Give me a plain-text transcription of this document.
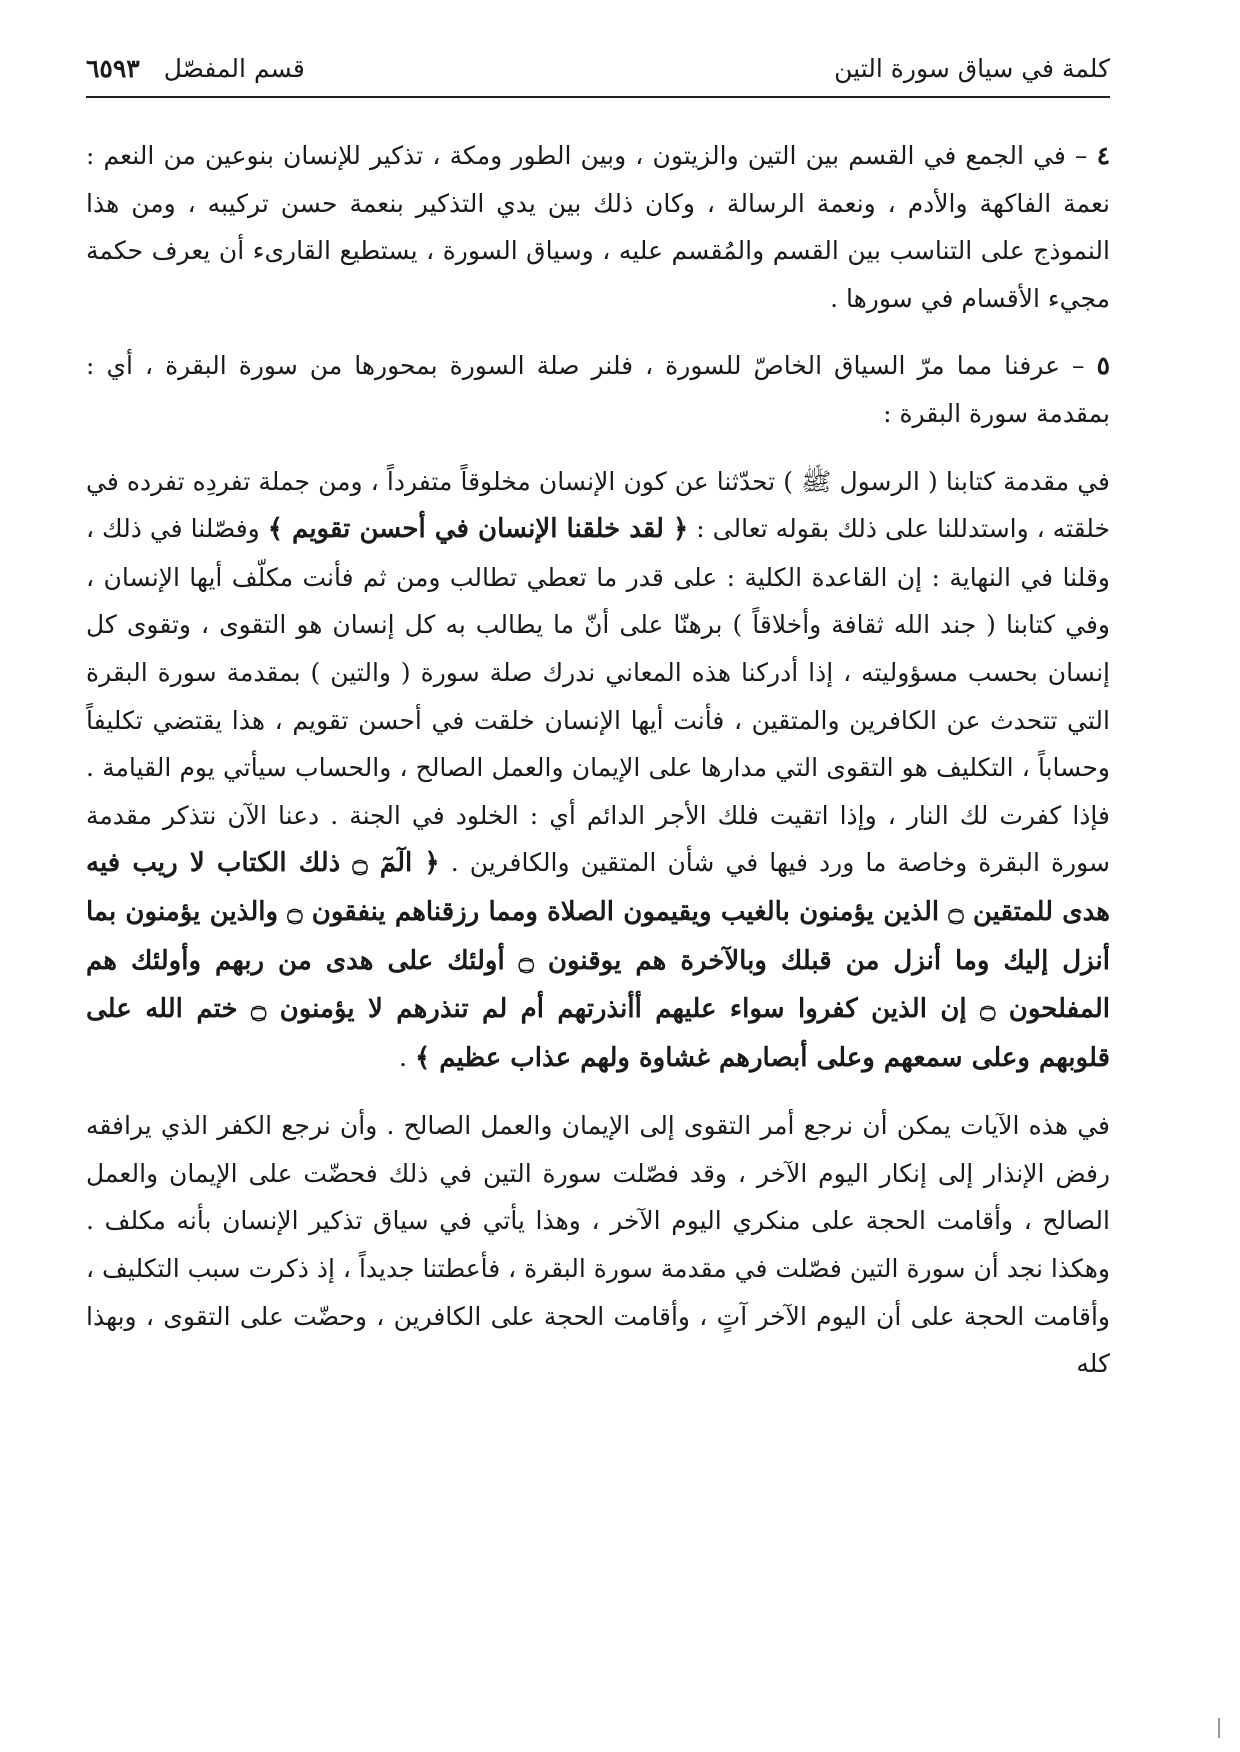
كلمة في سياق سورة التين
قسم المفصّل
٦٥٩٣

٤ – في الجمع في القسم بين التين والزيتون ، وبين الطور ومكة ، تذكير للإنسان بنوعين من النعم : نعمة الفاكهة والأدم ، ونعمة الرسالة ، وكان ذلك بين يدي التذكير بنعمة حسن تركيبه ، ومن هذا النموذج على التناسب بين القسم والمُقسم عليه ، وسياق السورة ، يستطيع القارىء أن يعرف حكمة مجيء الأقسام في سورها .

٥ – عرفنا مما مرّ السياق الخاصّ للسورة ، فلنر صلة السورة بمحورها من سورة البقرة ، أي : بمقدمة سورة البقرة :

في مقدمة كتابنا ( الرسول ﷺ ) تحدّثنا عن كون الإنسان مخلوقاً متفرداً ، ومن جملة تفردِه تفرده في خلقته ، واستدللنا على ذلك بقوله تعالى : ﴿ لقد خلقنا الإنسان في أحسن تقويم ﴾ وفصّلنا في ذلك ، وقلنا في النهاية : إن القاعدة الكلية : على قدر ما تعطي تطالب ومن ثم فأنت مكلّف أيها الإنسان ، وفي كتابنا ( جند الله ثقافة وأخلاقاً ) برهنّا على أنّ ما يطالب به كل إنسان هو التقوى ، وتقوى كل إنسان بحسب مسؤوليته ، إذا أدركنا هذه المعاني ندرك صلة سورة ( والتين ) بمقدمة سورة البقرة التي تتحدث عن الكافرين والمتقين ، فأنت أيها الإنسان خلقت في أحسن تقويم ، هذا يقتضي تكليفاً وحساباً ، التكليف هو التقوى التي مدارها على الإيمان والعمل الصالح ، والحساب سيأتي يوم القيامة . فإذا كفرت لك النار ، وإذا اتقيت فلك الأجر الدائم أي : الخلود في الجنة . دعنا الآن نتذكر مقدمة سورة البقرة وخاصة ما ورد فيها في شأن المتقين والكافرين . ﴿ الٓمٓ ۝ ذلك الكتاب لا ريب فيه هدى للمتقين ۝ الذين يؤمنون بالغيب ويقيمون الصلاة ومما رزقناهم ينفقون ۝ والذين يؤمنون بما أنزل إليك وما أنزل من قبلك وبالآخرة هم يوقنون ۝ أولئك على هدى من ربهم وأولئك هم المفلحون ۝ إن الذين كفروا سواء عليهم أأنذرتهم أم لم تنذرهم لا يؤمنون ۝ ختم الله على قلوبهم وعلى سمعهم وعلى أبصارهم غشاوة ولهم عذاب عظيم ﴾ .

في هذه الآيات يمكن أن نرجع أمر التقوى إلى الإيمان والعمل الصالح . وأن نرجع الكفر الذي يرافقه رفض الإنذار إلى إنكار اليوم الآخر ، وقد فصّلت سورة التين في ذلك فحضّت على الإيمان والعمل الصالح ، وأقامت الحجة على منكري اليوم الآخر ، وهذا يأتي في سياق تذكير الإنسان بأنه مكلف . وهكذا نجد أن سورة التين فصّلت في مقدمة سورة البقرة ، فأعطتنا جديداً ، إذ ذكرت سبب التكليف ، وأقامت الحجة على أن اليوم الآخر آتٍ ، وأقامت الحجة على الكافرين ، وحضّت على التقوى ، وبهذا كله
